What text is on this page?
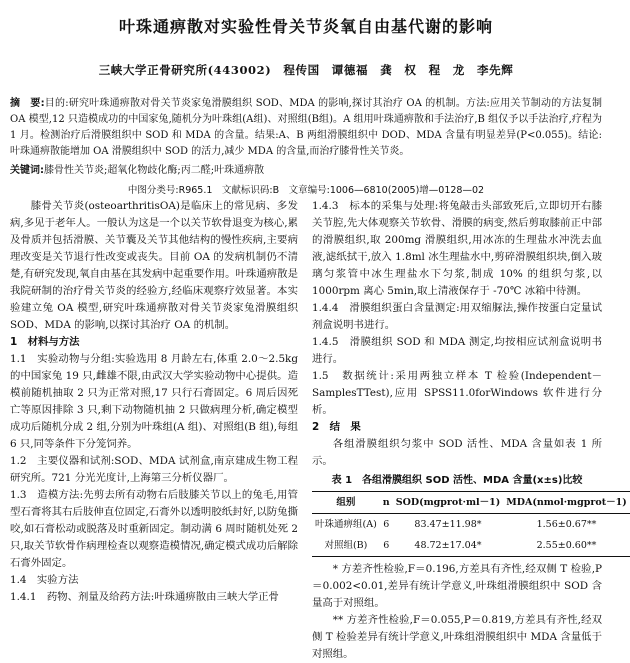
叶珠通痹散对实验性骨关节炎氧自由基代谢的影响
三峡大学正骨研究所(443002)　程传国　谭德福　龚　权　程　龙　李先辉
摘　要:目的:研究叶珠通痹散对骨关节炎家兔滑膜组织 SOD、MDA 的影响,探讨其治疗 OA 的机制。方法:应用关节制动的方法复制 OA 模型,12 只造模成功的中国家兔,随机分为叶珠组(A组)、对照组(B组)。A 组用叶珠通痹散和手法治疗,B 组仅予以手法治疗,疗程为 1 月。检测治疗后滑膜组织中 SOD 和 MDA 的含量。结果:A、B 两组滑膜组织中 DOD、MDA 含量有明显差异(P<0.055)。结论:叶珠通痹散能增加 OA 滑膜组织中 SOD 的活力,减少 MDA 的含量,而治疗膝骨性关节炎。
关键词:膝骨性关节炎;超氧化物歧化酶;丙二醛;叶珠通痹散
中图分类号:R965.1　文献标识码:B　文章编号:1006—6810(2005)增—0128—02

膝骨关节炎(osteoarthritisOA)是临床上的常见病、多发病,多见于老年人。一般认为这是一个以关节软骨退变为核心,累及骨质并包括滑膜、关节囊及关节其他结构的慢性疾病,主要病理改变是关节退行性改变或丧失。目前 OA 的发病机制仍不清楚,有研究发现,氧自由基在其发病中起重要作用。叶珠通痹散是我院研制的治疗骨关节炎的经验方,经临床观察疗效显著。本实验建立兔 OA 模型,研究叶珠通痹散对骨关节炎家兔滑膜组织 SOD、MDA 的影响,以探讨其治疗 OA 的机制。

1　材料与方法

1.1　实验动物与分组:实验选用 8 月龄左右,体重 2.0～2.5kg 的中国家兔 19 只,雌雄不限,由武汉大学实验动物中心提供。造模前随机抽取 2 只为正常对照,17 只行石膏固定。6 周后因死亡等原因排除 3 只,剩下动物随机抽 2 只做病理分析,确定模型成功后随机分成 2 组,分别为叶珠组(A 组)、对照组(B 组),每组 6 只,同等条件下分笼饲养。

1.2　主要仪器和试剂:SOD、MDA 试剂盒,南京建成生物工程研究所。721 分光光度计,上海第三分析仪器厂。

1.3　造模方法:先剪去所有动物右后肢膝关节以上的兔毛,用管型石膏将其右后肢伸直位固定,石膏外以透明胶纸封好,以防兔撕咬,如石膏松动或脱落及时重新固定。制动满 6 周时随机处死 2 只,取关节软骨作病理检查以观察造模情况,确定模式成功后解除石膏外固定。

1.4　实验方法

1.4.1　药物、剂量及给药方法:叶珠通痹散由三峡大学正骨

1.4.3　标本的采集与处理:将兔敲击头部致死后,立即切开右膝关节腔,先大体观察关节软骨、滑膜的病变,然后剪取膝前正中部的滑膜组织,取 200mg 滑膜组织,用冰冻的生理盐水冲洗去血液,滤纸拭干,放入 1.8ml 冰生理盐水中,剪碎滑膜组织块,倒入玻璃匀浆管中冰生理盐水下匀浆,制成 10% 的组织匀浆,以 1000rpm 离心 5min,取上清液保存于 -70℃ 冰箱中待测。

1.4.4　滑膜组织蛋白含量测定:用双缩脲法,操作按蛋白定量试剂盒说明书进行。

1.4.5　滑膜组织 SOD 和 MDA 测定,均按相应试剂盒说明书进行。

1.5　数据统计:采用两独立样本 T 检验(Independent－SamplesTTest),应用 SPSS11.0forWindows 软件进行分析。

2　结　果

各组滑膜组织匀浆中 SOD 活性、MDA 含量如表 1 所示。

表 1　各组滑膜组织 SOD 活性、MDA 含量(x±s)比较
组别	n	SOD(mgprot·ml－1)	MDA(nmol·mgprot－1)
叶珠通痹组(A)	6	83.47±11.98*	1.56±0.67**
对照组(B)	6	48.72±17.04*	2.55±0.60**

* 方差齐性检验,F＝0.196,方差具有齐性,经双侧 T 检验,P＝0.002<0.01,差异有统计学意义,叶珠组滑膜组织中 SOD 含量高于对照组。

** 方差齐性检验,F＝0.055,P＝0.819,方差具有齐性,经双侧 T 检验差异有统计学意义,叶珠组滑膜组织中 MDA 含量低于对照组。
